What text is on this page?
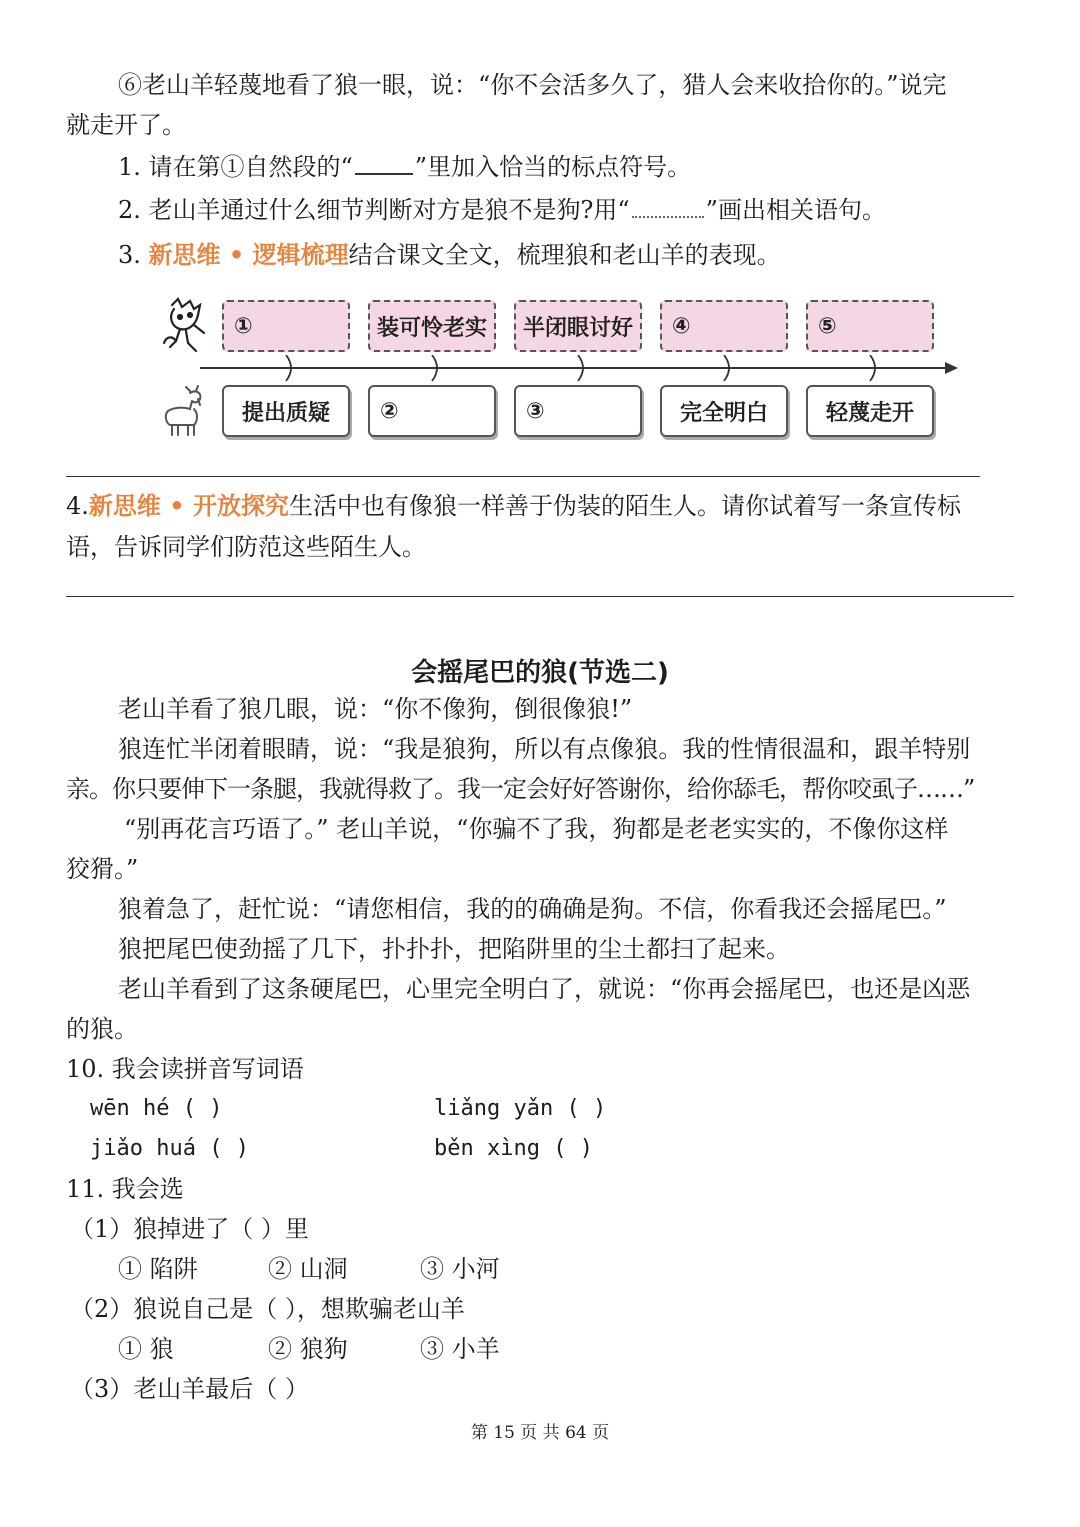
⑥老山羊轻蔑地看了狼一眼，说：“你不会活多久了，猎人会来收拾你的。”说完
就走开了。
1. 请在第①自然段的“	”里加入恰当的标点符号。
2. 老山羊通过什么细节判断对方是狼不是狗?用“	”画出相关语句。
3. 新思维 • 逻辑梳理结合课文全文，梳理狼和老山羊的表现。
①	装可怜老实	半闭眼讨好	④	⑤
提出质疑	②	③	完全明白	轻蔑走开
4.新思维 • 开放探究生活中也有像狼一样善于伪装的陌生人。请你试着写一条宣传标
语，告诉同学们防范这些陌生人。
会摇尾巴的狼(节选二)
老山羊看了狼几眼，说：“你不像狗，倒很像狼!”
狼连忙半闭着眼睛，说：“我是狼狗，所以有点像狼。我的性情很温和，跟羊特别
亲。你只要伸下一条腿，我就得救了。我一定会好好答谢你，给你舔毛，帮你咬虱子……”
“别再花言巧语了。” 老山羊说，“你骗不了我，狗都是老老实实的，不像你这样
狡猾。”
狼着急了，赶忙说：“请您相信，我的的确确是狗。不信，你看我还会摇尾巴。”
狼把尾巴使劲摇了几下，扑扑扑，把陷阱里的尘土都扫了起来。
老山羊看到了这条硬尾巴，心里完全明白了，就说：“你再会摇尾巴，也还是凶恶
的狼。
10. 我会读拼音写词语
wēn hé ( )	liǎng yǎn ( )
jiǎo huá ( )	běn xìng ( )
11. 我会选
（1）狼掉进了（ ）里
① 陷阱	② 山洞	③ 小河
（2）狼说自己是（ ），想欺骗老山羊
① 狼	② 狼狗	③ 小羊
（3）老山羊最后（ ）
第 15 页 共 64 页
